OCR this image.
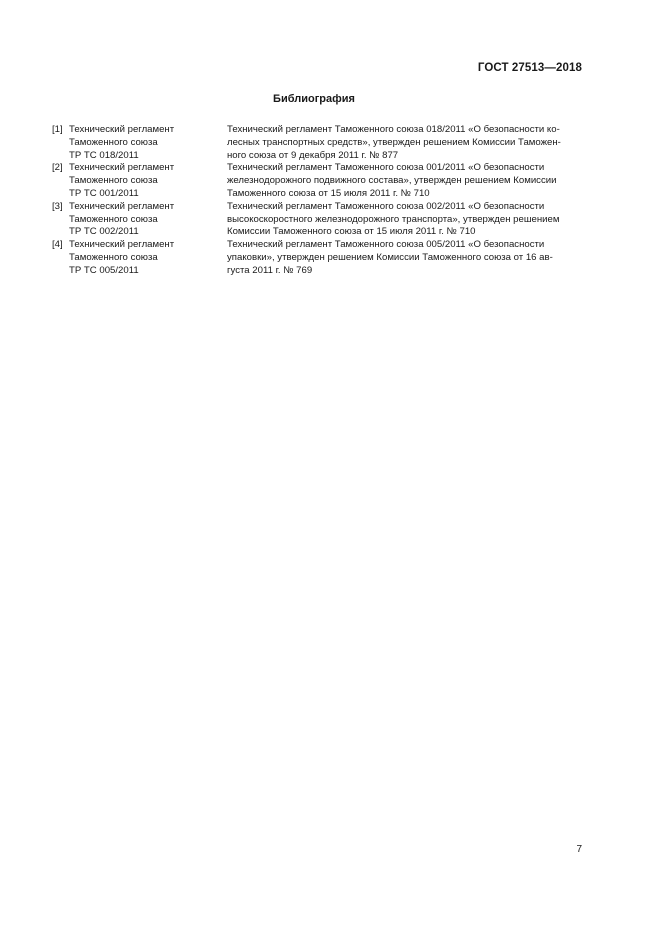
ГОСТ 27513—2018
Библиография
[1] Технический регламент
Таможенного союза
ТР ТС 018/2011
Технический регламент Таможенного союза 018/2011 «О безопасности ко-
лесных транспортных средств», утвержден решением Комиссии Таможен-
ного союза от 9 декабря 2011 г. № 877
[2] Технический регламент
Таможенного союза
ТР ТС 001/2011
Технический регламент Таможенного союза 001/2011 «О безопасности
железнодорожного подвижного состава», утвержден решением Комиссии
Таможенного союза от 15 июля 2011 г. № 710
[3] Технический регламент
Таможенного союза
ТР ТС 002/2011
Технический регламент Таможенного союза 002/2011 «О безопасности
высокоскоростного железнодорожного транспорта», утвержден решением
Комиссии Таможенного союза от 15 июля 2011 г. № 710
[4] Технический регламент
Таможенного союза
ТР ТС 005/2011
Технический регламент Таможенного союза 005/2011 «О безопасности
упаковки», утвержден решением Комиссии Таможенного союза от 16 ав-
густа 2011 г. № 769
7
